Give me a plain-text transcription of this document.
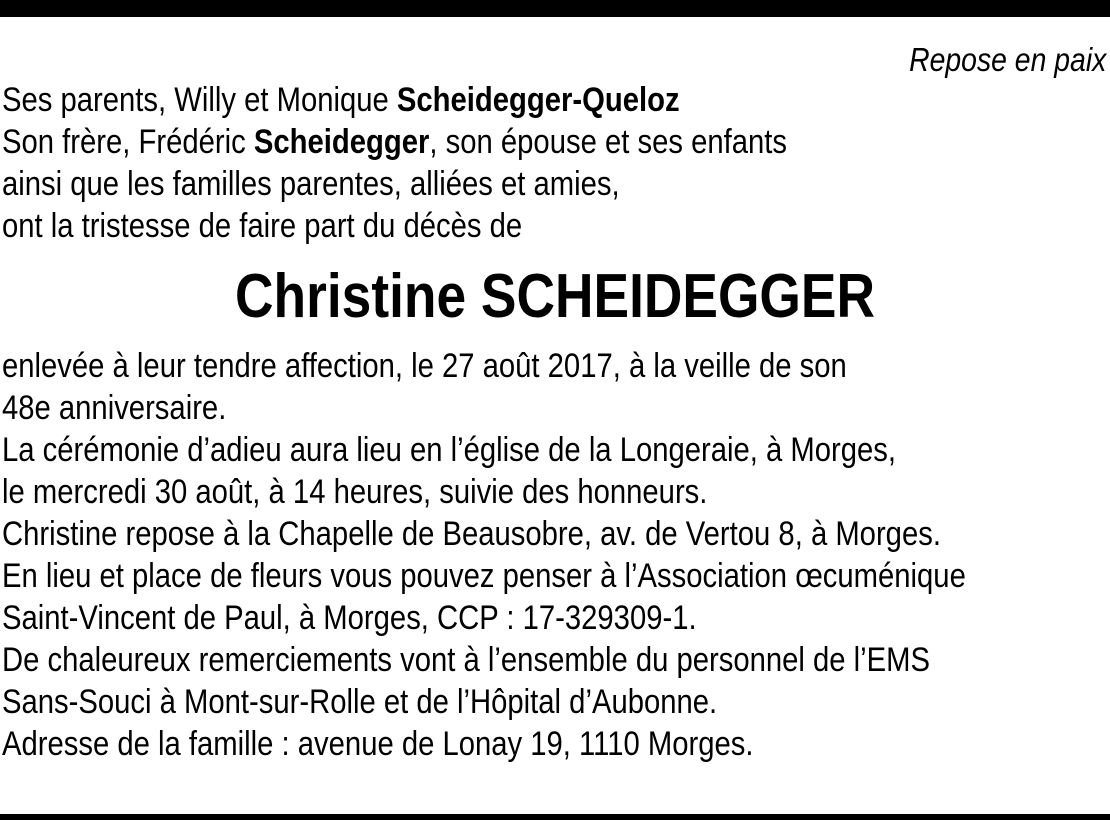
Repose en paix
Ses parents, Willy et Monique Scheidegger-Queloz
Son frère, Frédéric Scheidegger, son épouse et ses enfants
ainsi que les familles parentes, alliées et amies,
ont la tristesse de faire part du décès de
Christine SCHEIDEGGER
enlevée à leur tendre affection, le 27 août 2017, à la veille de son
48e anniversaire.
La cérémonie d’adieu aura lieu en l’église de la Longeraie, à Morges,
le mercredi 30 août, à 14 heures, suivie des honneurs.
Christine repose à la Chapelle de Beausobre, av. de Vertou 8, à Morges.
En lieu et place de fleurs vous pouvez penser à l’Association œcuménique
Saint-Vincent de Paul, à Morges, CCP : 17-329309-1.
De chaleureux remerciements vont à l’ensemble du personnel de l’EMS
Sans-Souci à Mont-sur-Rolle et de l’Hôpital d’Aubonne.
Adresse de la famille : avenue de Lonay 19, 1110 Morges.
